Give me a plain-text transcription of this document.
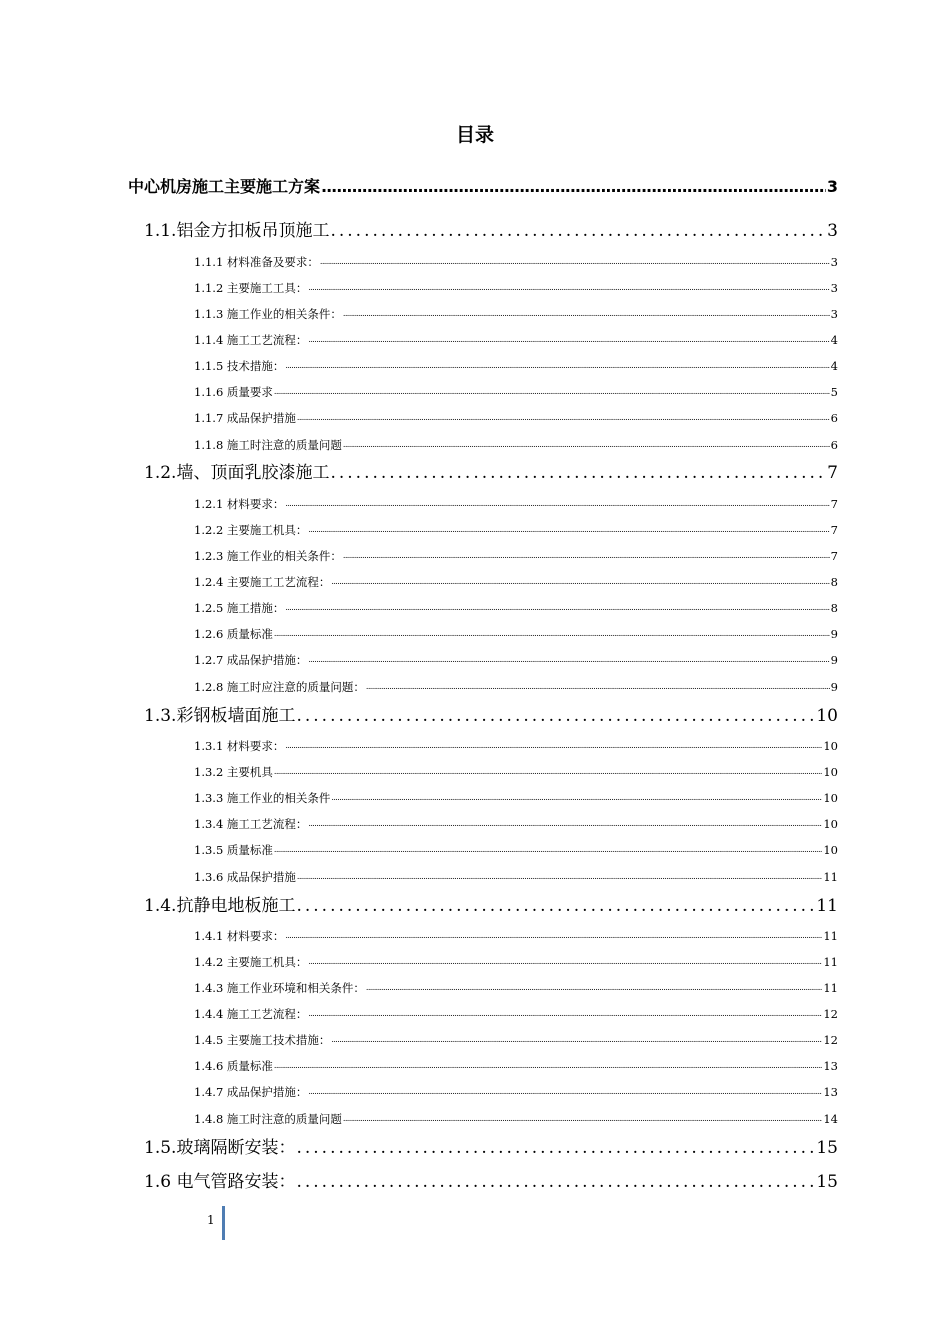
目录
中心机房施工主要施工方案 .....	3
1.1.铝金方扣板吊顶施工 .....	3
1.1.1 材料准备及要求： .....	3
1.1.2 主要施工工具： .....	3
1.1.3 施工作业的相关条件： .....	3
1.1.4 施工工艺流程： .....	4
1.1.5 技术措施： .....	4
1.1.6 质量要求 .....	5
1.1.7 成品保护措施 .....	6
1.1.8 施工时注意的质量问题 .....	6
1.2.墙、顶面乳胶漆施工 .....	7
1.2.1 材料要求： .....	7
1.2.2 主要施工机具： .....	7
1.2.3 施工作业的相关条件： .....	7
1.2.4 主要施工工艺流程： .....	8
1.2.5 施工措施： .....	8
1.2.6 质量标准 .....	9
1.2.7 成品保护措施： .....	9
1.2.8 施工时应注意的质量问题： .....	9
1.3.彩钢板墙面施工 .....	10
1.3.1 材料要求： .....	10
1.3.2 主要机具 .....	10
1.3.3 施工作业的相关条件 .....	10
1.3.4 施工工艺流程： .....	10
1.3.5 质量标准 .....	10
1.3.6 成品保护措施 .....	11
1.4.抗静电地板施工 .....	11
1.4.1 材料要求： .....	11
1.4.2 主要施工机具： .....	11
1.4.3 施工作业环境和相关条件： .....	11
1.4.4 施工工艺流程： .....	12
1.4.5 主要施工技术措施： .....	12
1.4.6 质量标准 .....	13
1.4.7 成品保护措施： .....	13
1.4.8 施工时注意的质量问题 .....	14
1.5.玻璃隔断安装： .....	15
1.6 电气管路安装： .....	15
1
